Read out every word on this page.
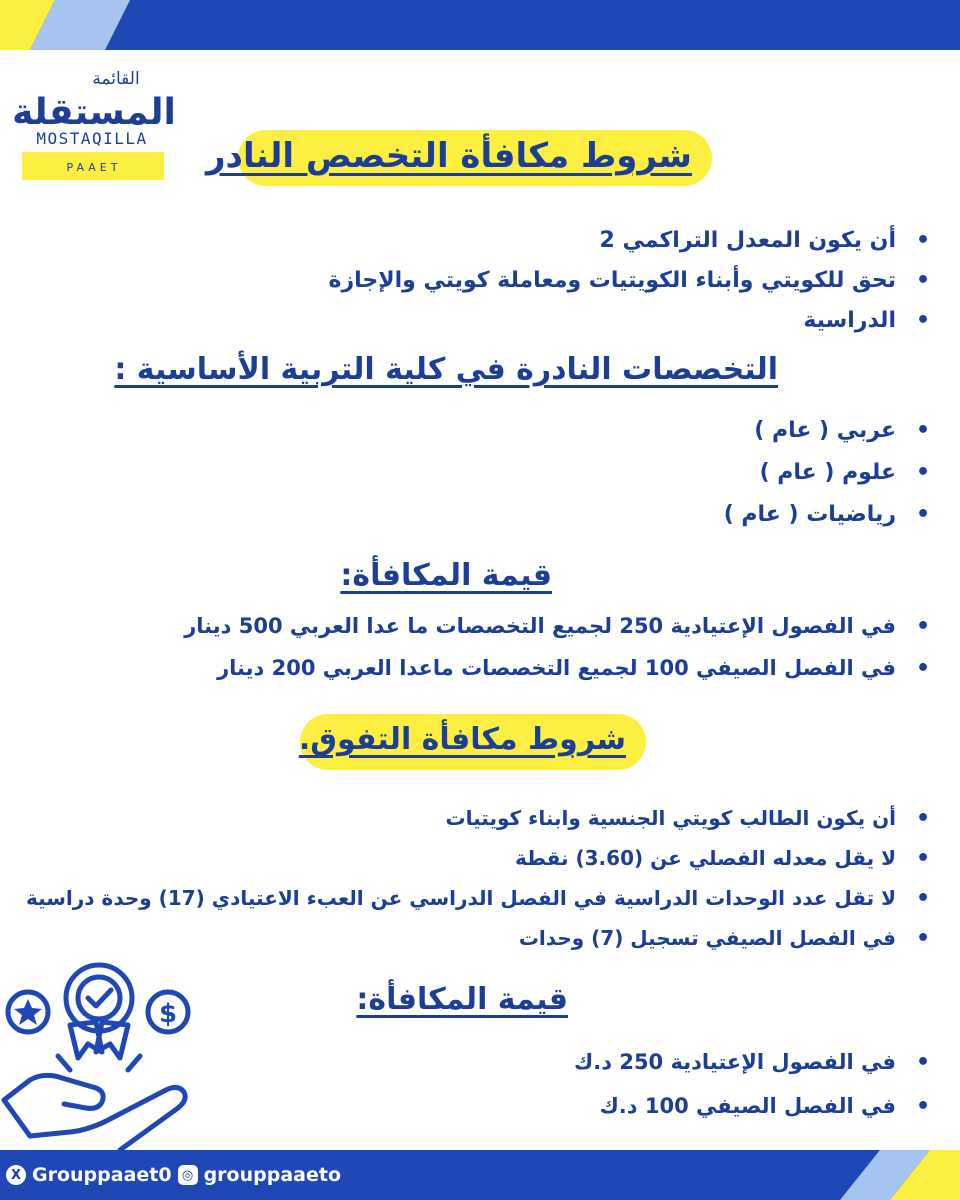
القائمة
المستقلة
MOSTAQILLA
PAAET شروط مكافأة التخصص النادر
• أن يكون المعدل التراكمي 2
• تحق للكويتي وأبناء الكويتيات ومعاملة كويتي والإجازة
• الدراسية
التخصصات النادرة في كلية التربية الأساسية :
• عربي ( عام )
• علوم ( عام )
• رياضيات ( عام )
قيمة المكافأة:
• في الفصول الإعتيادية 250 لجميع التخصصات ما عدا العربي 500 دينار
• في الفصل الصيفي 100 لجميع التخصصات ماعدا العربي 200 دينار
شروط مكافأة التفوق.
• أن يكون الطالب كويتي الجنسية وابناء كويتيات
• لا يقل معدله الفصلي عن (3.60) نقطة
• لا تقل عدد الوحدات الدراسية في الفصل الدراسي عن العبء الاعتيادي (17) وحدة دراسية
• في الفصل الصيفي تسجيل (7) وحدات
قيمة المكافأة:
• في الفصول الإعتيادية 250 د.ك
• في الفصل الصيفي 100 د.ك
$
X Grouppaaet0 ◎ grouppaaeto
